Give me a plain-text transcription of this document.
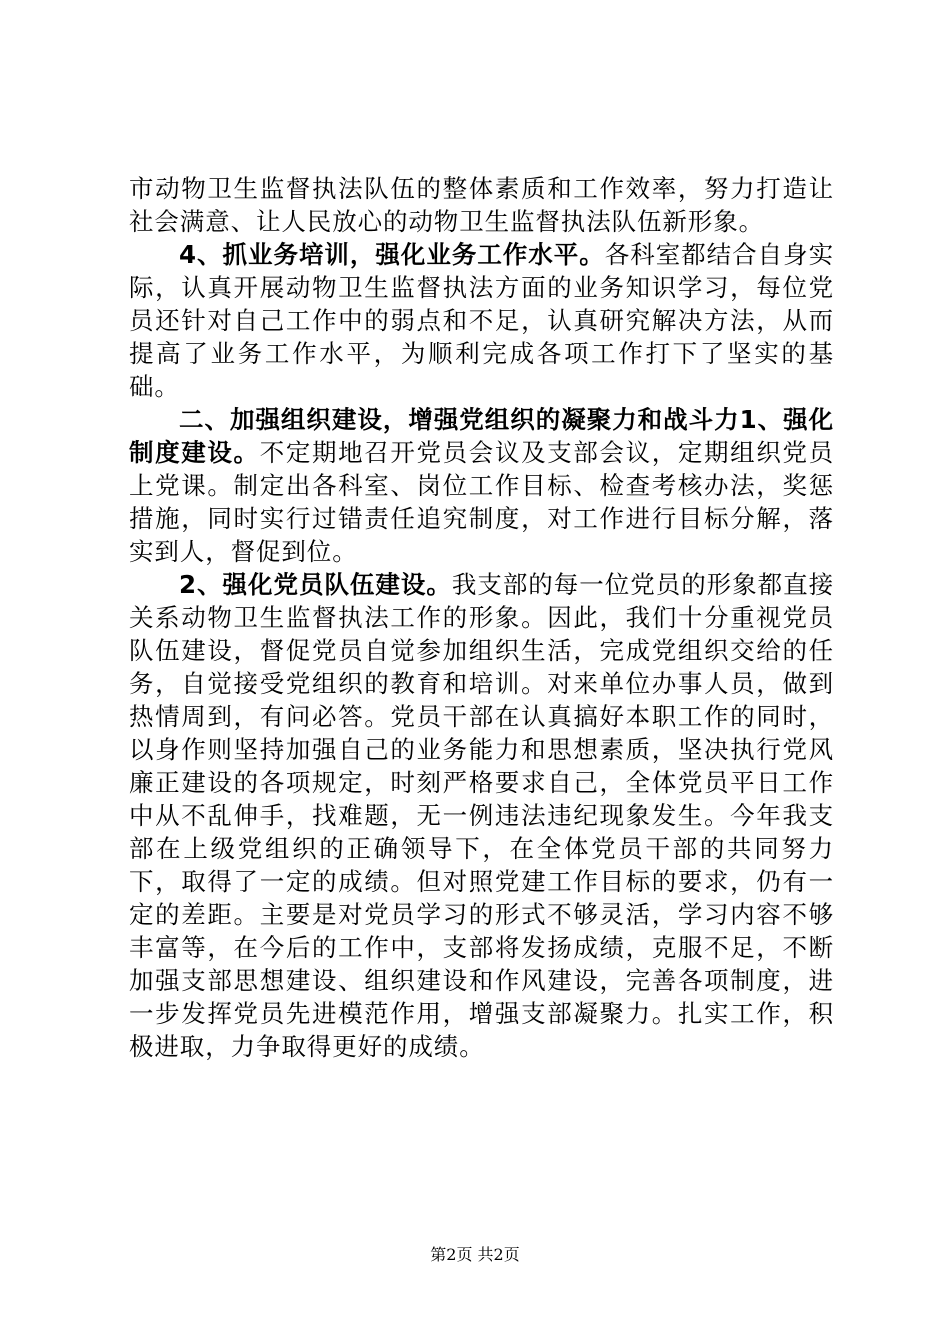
市动物卫生监督执法队伍的整体素质和工作效率，努力打造让社会满意、让人民放心的动物卫生监督执法队伍新形象。

4、抓业务培训，强化业务工作水平。各科室都结合自身实际，认真开展动物卫生监督执法方面的业务知识学习，每位党员还针对自己工作中的弱点和不足，认真研究解决方法，从而提高了业务工作水平，为顺利完成各项工作打下了坚实的基础。

二、加强组织建设，增强党组织的凝聚力和战斗力1、强化制度建设。不定期地召开党员会议及支部会议，定期组织党员上党课。制定出各科室、岗位工作目标、检查考核办法，奖惩措施，同时实行过错责任追究制度，对工作进行目标分解，落实到人，督促到位。

2、强化党员队伍建设。我支部的每一位党员的形象都直接关系动物卫生监督执法工作的形象。因此，我们十分重视党员队伍建设，督促党员自觉参加组织生活，完成党组织交给的任务，自觉接受党组织的教育和培训。对来单位办事人员，做到热情周到，有问必答。党员干部在认真搞好本职工作的同时，以身作则坚持加强自己的业务能力和思想素质，坚决执行党风廉正建设的各项规定，时刻严格要求自己，全体党员平日工作中从不乱伸手，找难题，无一例违法违纪现象发生。今年我支部在上级党组织的正确领导下，在全体党员干部的共同努力下，取得了一定的成绩。但对照党建工作目标的要求，仍有一定的差距。主要是对党员学习的形式不够灵活，学习内容不够丰富等，在今后的工作中，支部将发扬成绩，克服不足，不断加强支部思想建设、组织建设和作风建设，完善各项制度，进一步发挥党员先进模范作用，增强支部凝聚力。扎实工作，积极进取，力争取得更好的成绩。

第2页 共2页
